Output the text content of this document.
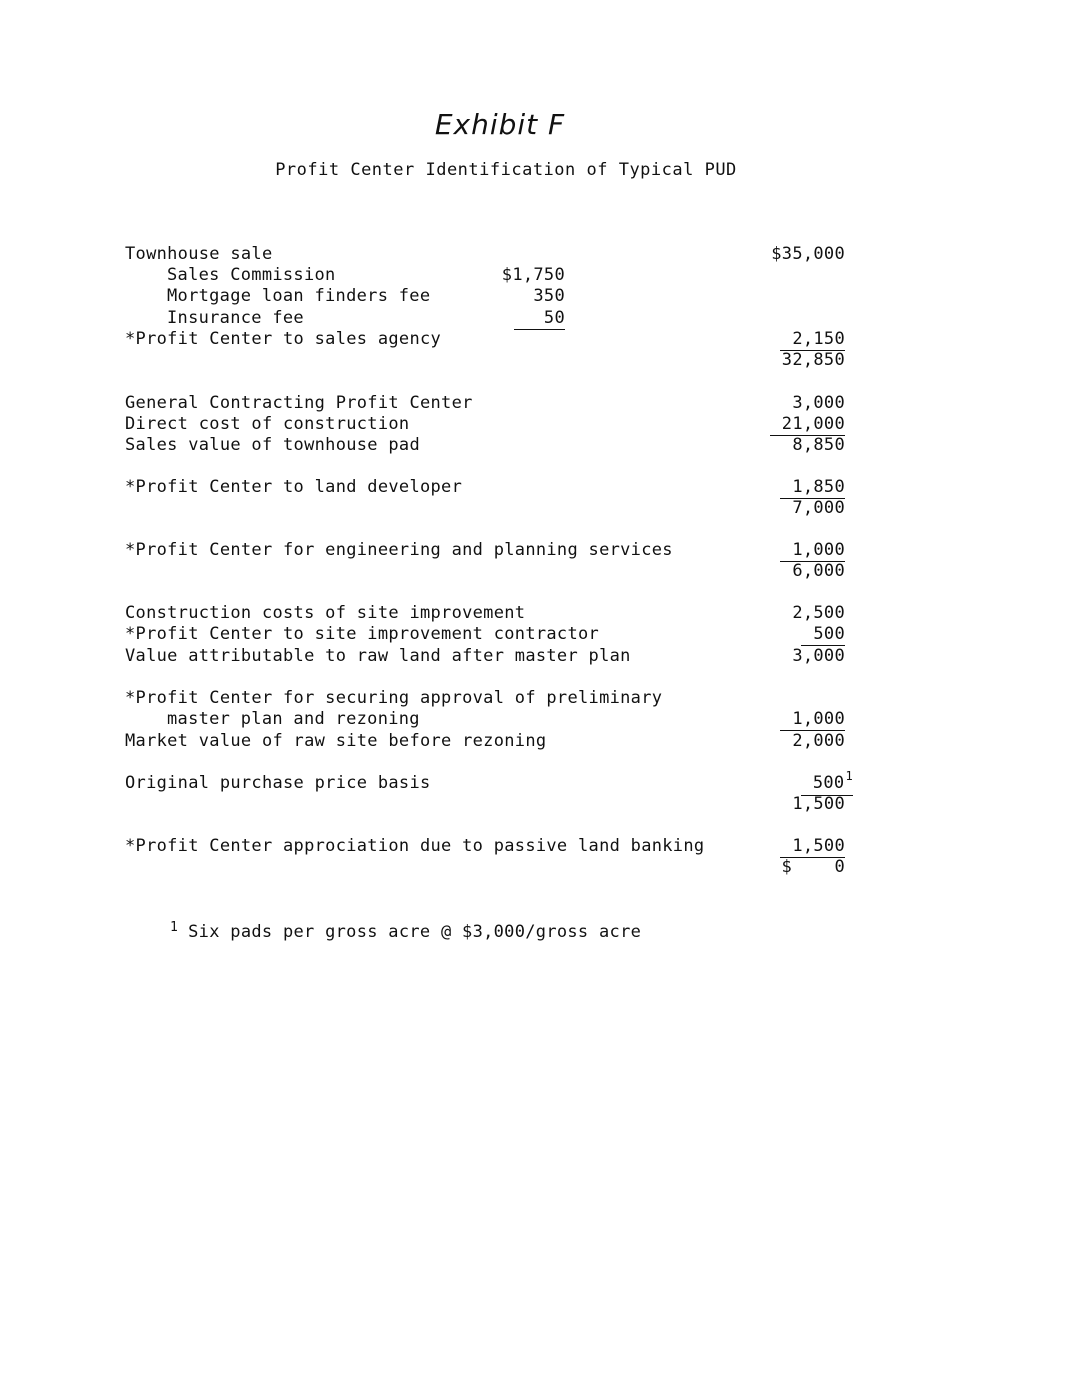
Exhibit F
Profit Center Identification of Typical PUD
Townhouse sale	$35,000
Sales Commission	$1,750
Mortgage loan finders fee	350
Insurance fee	50
*Profit Center to sales agency	2,150
32,850
General Contracting Profit Center	3,000
Direct cost of construction	21,000
Sales value of townhouse pad	8,850
*Profit Center to land developer	1,850
7,000
*Profit Center for engineering and planning services	1,000
6,000
Construction costs of site improvement	2,500
*Profit Center to site improvement contractor	500
Value attributable to raw land after master plan	3,000
*Profit Center for securing approval of preliminary
master plan and rezoning	1,000
Market value of raw site before rezoning	2,000
Original purchase price basis	$500^1$
1,500
*Profit Center approciation due to passive land banking	1,500
$ 0
$^1$ Six pads per gross acre @ $3,000/gross acre
